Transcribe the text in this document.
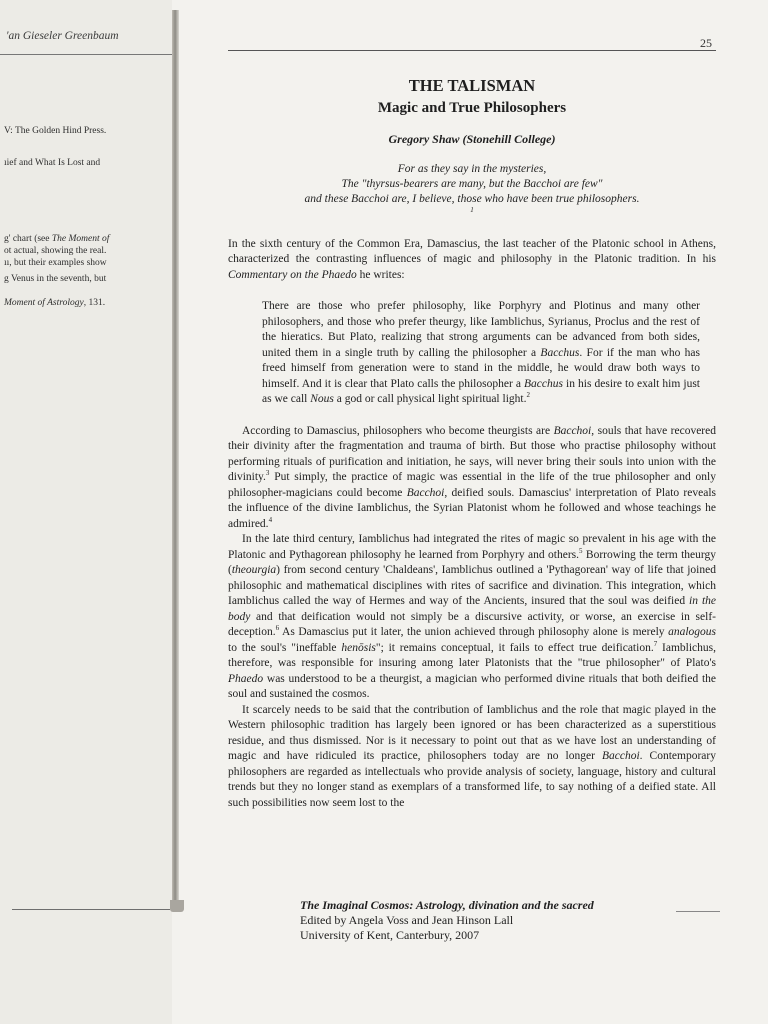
'an Gieseler Greenbaum
V: The Golden Hind Press.
ıief and What Is Lost and
g' chart (see The Moment of
ot actual, showing the real.
ıı, but their examples show
g Venus in the seventh, but
Moment of Astrology, 131.
25
THE TALISMAN
Magic and True Philosophers
Gregory Shaw (Stonehill College)
For as they say in the mysteries,
The "thyrsus-bearers are many, but the Bacchoi are few"
and these Bacchoi are, I believe, those who have been true philosophers.
$^1$

In the sixth century of the Common Era, Damascius, the last teacher of the Platonic school in Athens, characterized the contrasting influences of magic and philosophy in the Platonic tradition. In his Commentary on the Phaedo he writes:

There are those who prefer philosophy, like Porphyry and Plotinus and many other philosophers, and those who prefer theurgy, like Iamblichus, Syrianus, Proclus and the rest of the hieratics. But Plato, realizing that strong arguments can be advanced from both sides, united them in a single truth by calling the philosopher a Bacchus. For if the man who has freed himself from generation were to stand in the middle, he would draw both ways to himself. And it is clear that Plato calls the philosopher a Bacchus in his desire to exalt him just as we call Nous a god or call physical light spiritual light.$^2$

According to Damascius, philosophers who become theurgists are Bacchoi, souls that have recovered their divinity after the fragmentation and trauma of birth. But those who practise philosophy without performing rituals of purification and initiation, he says, will never bring their souls into union with the divinity.$^3$ Put simply, the practice of magic was essential in the life of the true philosopher and only philosopher-magicians could become Bacchoi, deified souls. Damascius' interpretation of Plato reveals the influence of the divine Iamblichus, the Syrian Platonist whom he followed and whose teachings he admired.$^4$

In the late third century, Iamblichus had integrated the rites of magic so prevalent in his age with the Platonic and Pythagorean philosophy he learned from Porphyry and others.$^5$ Borrowing the term theurgy (theourgia) from second century 'Chaldeans', Iamblichus outlined a 'Pythagorean' way of life that joined philosophic and mathematical disciplines with rites of sacrifice and divination. This integration, which Iamblichus called the way of Hermes and way of the Ancients, insured that the soul was deified in the body and that deification would not simply be a discursive activity, or worse, an exercise in self-deception.$^6$ As Damascius put it later, the union achieved through philosophy alone is merely analogous to the soul's "ineffable henōsis"; it remains conceptual, it fails to effect true deification.$^7$ Iamblichus, therefore, was responsible for insuring among later Platonists that the "true philosopher" of Plato's Phaedo was understood to be a theurgist, a magician who performed divine rituals that both deified the soul and sustained the cosmos.

It scarcely needs to be said that the contribution of Iamblichus and the role that magic played in the Western philosophic tradition has largely been ignored or has been characterized as a superstitious residue, and thus dismissed. Nor is it necessary to point out that as we have lost an understanding of magic and have ridiculed its practice, philosophers today are no longer Bacchoi. Contemporary philosophers are regarded as intellectuals who provide analysis of society, language, history and cultural trends but they no longer stand as exemplars of a transformed life, to say nothing of a deified state. All such possibilities now seem lost to the

The Imaginal Cosmos: Astrology, divination and the sacred
Edited by Angela Voss and Jean Hinson Lall
University of Kent, Canterbury, 2007
